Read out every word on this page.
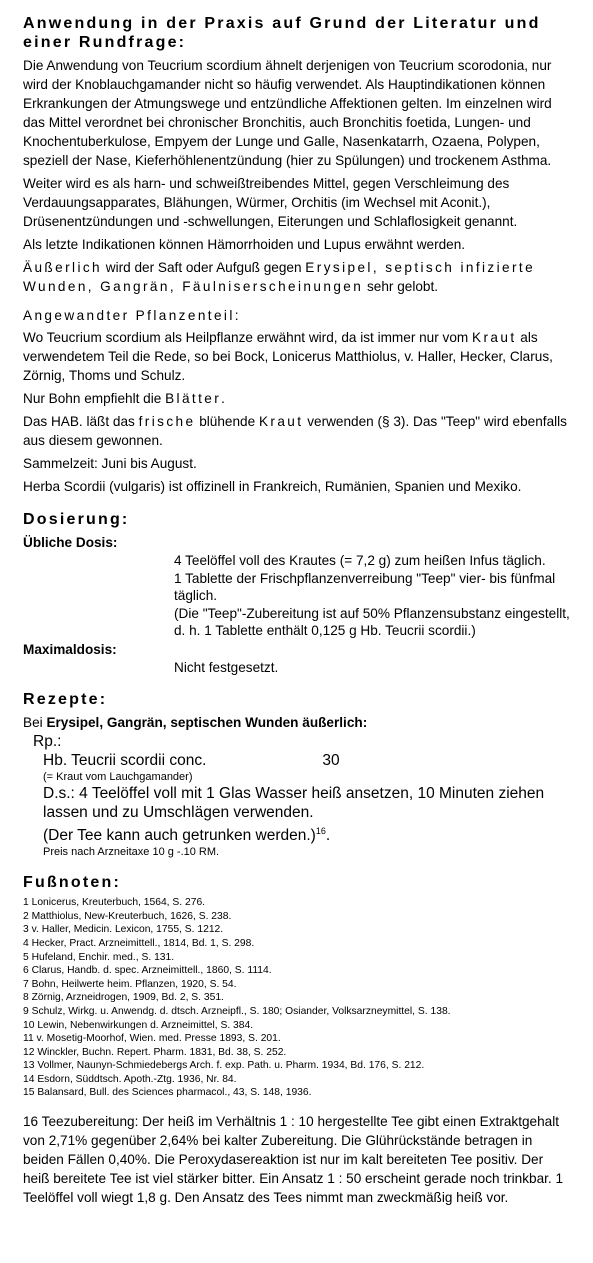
Anwendung in der Praxis auf Grund der Literatur und einer Rundfrage:

Die Anwendung von Teucrium scordium ähnelt derjenigen von Teucrium scorodonia, nur wird der Knoblauchgamander nicht so häufig verwendet. Als Hauptindikationen können Erkrankungen der Atmungswege und entzündliche Affektionen gelten. Im einzelnen wird das Mittel verordnet bei chronischer Bronchitis, auch Bronchitis foetida, Lungen- und Knochentuberkulose, Empyem der Lunge und Galle, Nasenkatarrh, Ozaena, Polypen, speziell der Nase, Kieferhöhlenentzündung (hier zu Spülungen) und trockenem Asthma.

Weiter wird es als harn- und schweißtreibendes Mittel, gegen Verschleimung des Verdauungsapparates, Blähungen, Würmer, Orchitis (im Wechsel mit Aconit.), Drüsenentzündungen und -schwellungen, Eiterungen und Schlaflosigkeit genannt.

Als letzte Indikationen können Hämorrhoiden und Lupus erwähnt werden.

Äußerlich wird der Saft oder Aufguß gegen Erysipel, septisch infizierte Wunden, Gangrän, Fäulniserscheinungen sehr gelobt.

Angewandter Pflanzenteil:

Wo Teucrium scordium als Heilpflanze erwähnt wird, da ist immer nur vom Kraut als verwendetem Teil die Rede, so bei Bock, Lonicerus Matthiolus, v. Haller, Hecker, Clarus, Zörnig, Thoms und Schulz.

Nur Bohn empfiehlt die Blätter.

Das HAB. läßt das frische blühende Kraut verwenden (§ 3). Das "Teep" wird ebenfalls aus diesem gewonnen.

Sammelzeit: Juni bis August.

Herba Scordii (vulgaris) ist offizinell in Frankreich, Rumänien, Spanien und Mexiko.

Dosierung:
Übliche Dosis:
4 Teelöffel voll des Krautes (= 7,2 g) zum heißen Infus täglich.
1 Tablette der Frischpflanzenverreibung "Teep" vier- bis fünfmal täglich.
(Die "Teep"-Zubereitung ist auf 50% Pflanzensubstanz eingestellt, d. h. 1 Tablette enthält 0,125 g Hb. Teucrii scordii.)
Maximaldosis:
Nicht festgesetzt.
Rezepte:

Bei Erysipel, Gangrän, septischen Wunden äußerlich:

Rp.:
Hb. Teucrii scordii conc.	30
(= Kraut vom Lauchgamander)
D.s.: 4 Teelöffel voll mit 1 Glas Wasser heiß ansetzen, 10 Minuten ziehen lassen und zu Umschlägen verwenden.
(Der Tee kann auch getrunken werden.)$^{16}$.
Preis nach Arzneitaxe 10 g -.10 RM.
Fußnoten:
1 Lonicerus, Kreuterbuch, 1564, S. 276.
2 Matthiolus, New-Kreuterbuch, 1626, S. 238.
3 v. Haller, Medicin. Lexicon, 1755, S. 1212.
4 Hecker, Pract. Arzneimittell., 1814, Bd. 1, S. 298.
5 Hufeland, Enchir. med., S. 131.
6 Clarus, Handb. d. spec. Arzneimittell., 1860, S. 1114.
7 Bohn, Heilwerte heim. Pflanzen, 1920, S. 54.
8 Zörnig, Arzneidrogen, 1909, Bd. 2, S. 351.
9 Schulz, Wirkg. u. Anwendg. d. dtsch. Arzneipfl., S. 180; Osiander, Volksarzneymittel, S. 138.
10 Lewin, Nebenwirkungen d. Arzneimittel, S. 384.
11 v. Mosetig-Moorhof, Wien. med. Presse 1893, S. 201.
12 Winckler, Buchn. Repert. Pharm. 1831, Bd. 38, S. 252.
13 Vollmer, Naunyn-Schmiedebergs Arch. f. exp. Path. u. Pharm. 1934, Bd. 176, S. 212.
14 Esdorn, Süddtsch. Apoth.-Ztg. 1936, Nr. 84.
15 Balansard, Bull. des Sciences pharmacol., 43, S. 148, 1936.

16 Teezubereitung: Der heiß im Verhältnis 1 : 10 hergestellte Tee gibt einen Extraktgehalt von 2,71% gegenüber 2,64% bei kalter Zubereitung. Die Glührückstände betragen in beiden Fällen 0,40%. Die Peroxydasereaktion ist nur im kalt bereiteten Tee positiv. Der heiß bereitete Tee ist viel stärker bitter. Ein Ansatz 1 : 50 erscheint gerade noch trinkbar. 1 Teelöffel voll wiegt 1,8 g. Den Ansatz des Tees nimmt man zweckmäßig heiß vor.
